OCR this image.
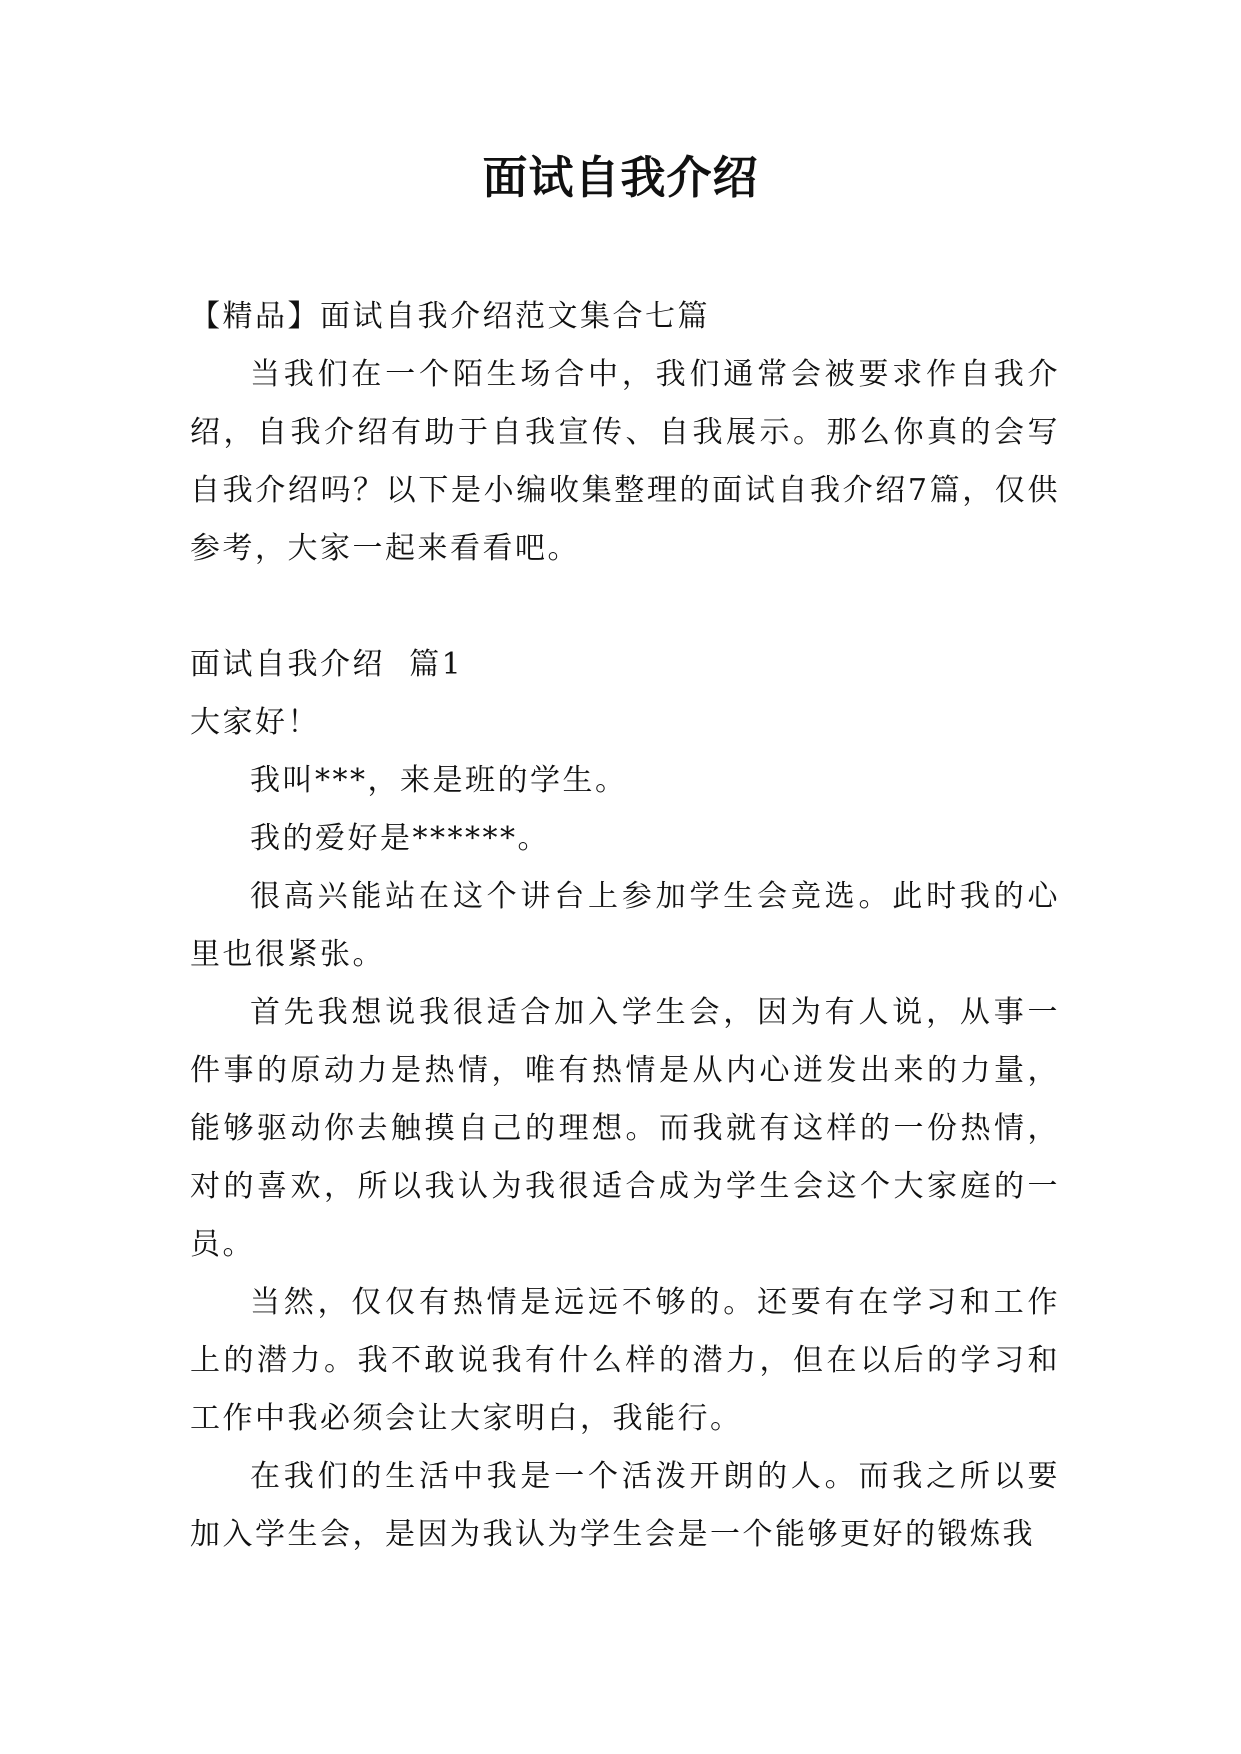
面试自我介绍

【精品】面试自我介绍范文集合七篇

当我们在一个陌生场合中，我们通常会被要求作自我介绍，自我介绍有助于自我宣传、自我展示。那么你真的会写自我介绍吗？以下是小编收集整理的面试自我介绍7篇，仅供参考，大家一起来看看吧。

面试自我介绍  篇1

大家好！

我叫***，来是班的学生。

我的爱好是******。

很高兴能站在这个讲台上参加学生会竞选。此时我的心里也很紧张。

首先我想说我很适合加入学生会，因为有人说，从事一件事的原动力是热情，唯有热情是从内心迸发出来的力量，能够驱动你去触摸自己的理想。而我就有这样的一份热情，对的喜欢，所以我认为我很适合成为学生会这个大家庭的一员。

当然，仅仅有热情是远远不够的。还要有在学习和工作上的潜力。我不敢说我有什么样的潜力，但在以后的学习和工作中我必须会让大家明白，我能行。

在我们的生活中我是一个活泼开朗的人。而我之所以要加入学生会，是因为我认为学生会是一个能够更好的锻炼我
